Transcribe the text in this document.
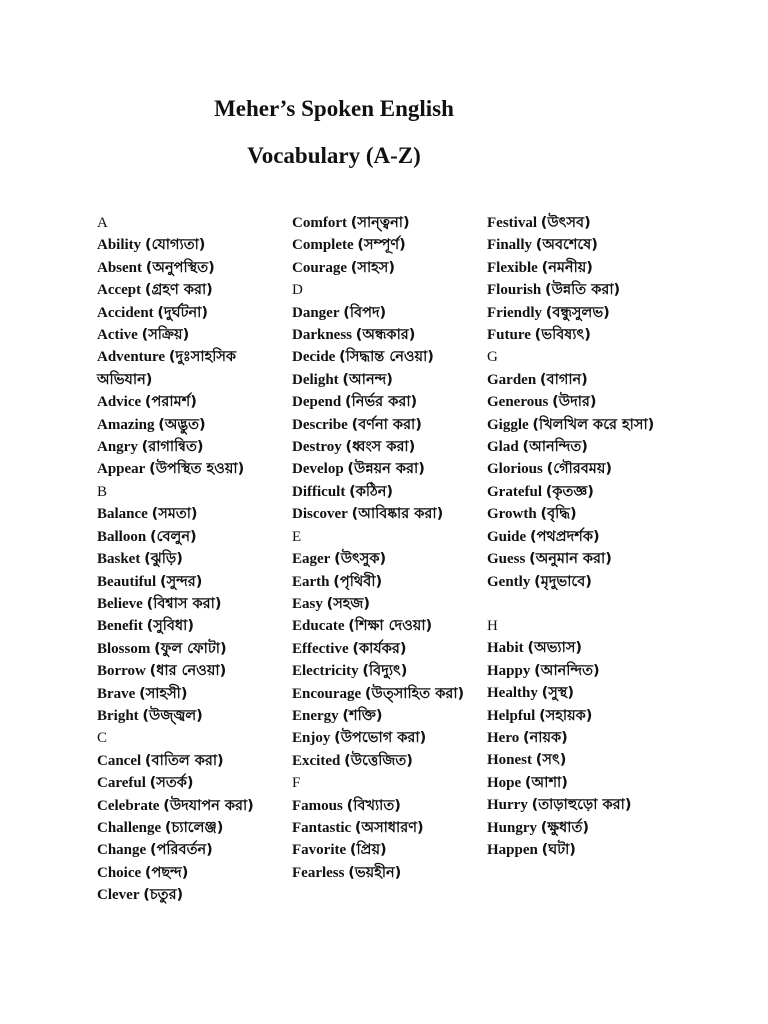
Meher’s Spoken English
Vocabulary (A-Z)
A
Ability (যোগ্যতা)
Absent (অনুপস্থিত)
Accept (গ্রহণ করা)
Accident (দুর্ঘটনা)
Active (সক্রিয়)
Adventure (দুঃসাহসিক অভিযান)
Advice (পরামর্শ)
Amazing (অদ্ভুত)
Angry (রাগান্বিত)
Appear (উপস্থিত হওয়া)
B
Balance (সমতা)
Balloon (বেলুন)
Basket (ঝুড়ি)
Beautiful (সুন্দর)
Believe (বিশ্বাস করা)
Benefit (সুবিধা)
Blossom (ফুল ফোটা)
Borrow (ধার নেওয়া)
Brave (সাহসী)
Bright (উজ্জ্বল)
C
Cancel (বাতিল করা)
Careful (সতর্ক)
Celebrate (উদযাপন করা)
Challenge (চ্যালেঞ্জ)
Change (পরিবর্তন)
Choice (পছন্দ)
Clever (চতুর)
Comfort (সান্ত্বনা)
Complete (সম্পূর্ণ)
Courage (সাহস)
D
Danger (বিপদ)
Darkness (অন্ধকার)
Decide (সিদ্ধান্ত নেওয়া)
Delight (আনন্দ)
Depend (নির্ভর করা)
Describe (বর্ণনা করা)
Destroy (ধ্বংস করা)
Develop (উন্নয়ন করা)
Difficult (কঠিন)
Discover (আবিষ্কার করা)
E
Eager (উৎসুক)
Earth (পৃথিবী)
Easy (সহজ)
Educate (শিক্ষা দেওয়া)
Effective (কার্যকর)
Electricity (বিদ্যুৎ)
Encourage (উত্সাহিত করা)
Energy (শক্তি)
Enjoy (উপভোগ করা)
Excited (উত্তেজিত)
F
Famous (বিখ্যাত)
Fantastic (অসাধারণ)
Favorite (প্রিয়)
Fearless (ভয়হীন)
Festival (উৎসব)
Finally (অবশেষে)
Flexible (নমনীয়)
Flourish (উন্নতি করা)
Friendly (বন্ধুসুলভ)
Future (ভবিষ্যৎ)
G
Garden (বাগান)
Generous (উদার)
Giggle (খিলখিল করে হাসা)
Glad (আনন্দিত)
Glorious (গৌরবময়)
Grateful (কৃতজ্ঞ)
Growth (বৃদ্ধি)
Guide (পথপ্রদর্শক)
Guess (অনুমান করা)
Gently (মৃদুভাবে)
H
Habit (অভ্যাস)
Happy (আনন্দিত)
Healthy (সুস্থ)
Helpful (সহায়ক)
Hero (নায়ক)
Honest (সৎ)
Hope (আশা)
Hurry (তাড়াহুড়ো করা)
Hungry (ক্ষুধার্ত)
Happen (ঘটা)
